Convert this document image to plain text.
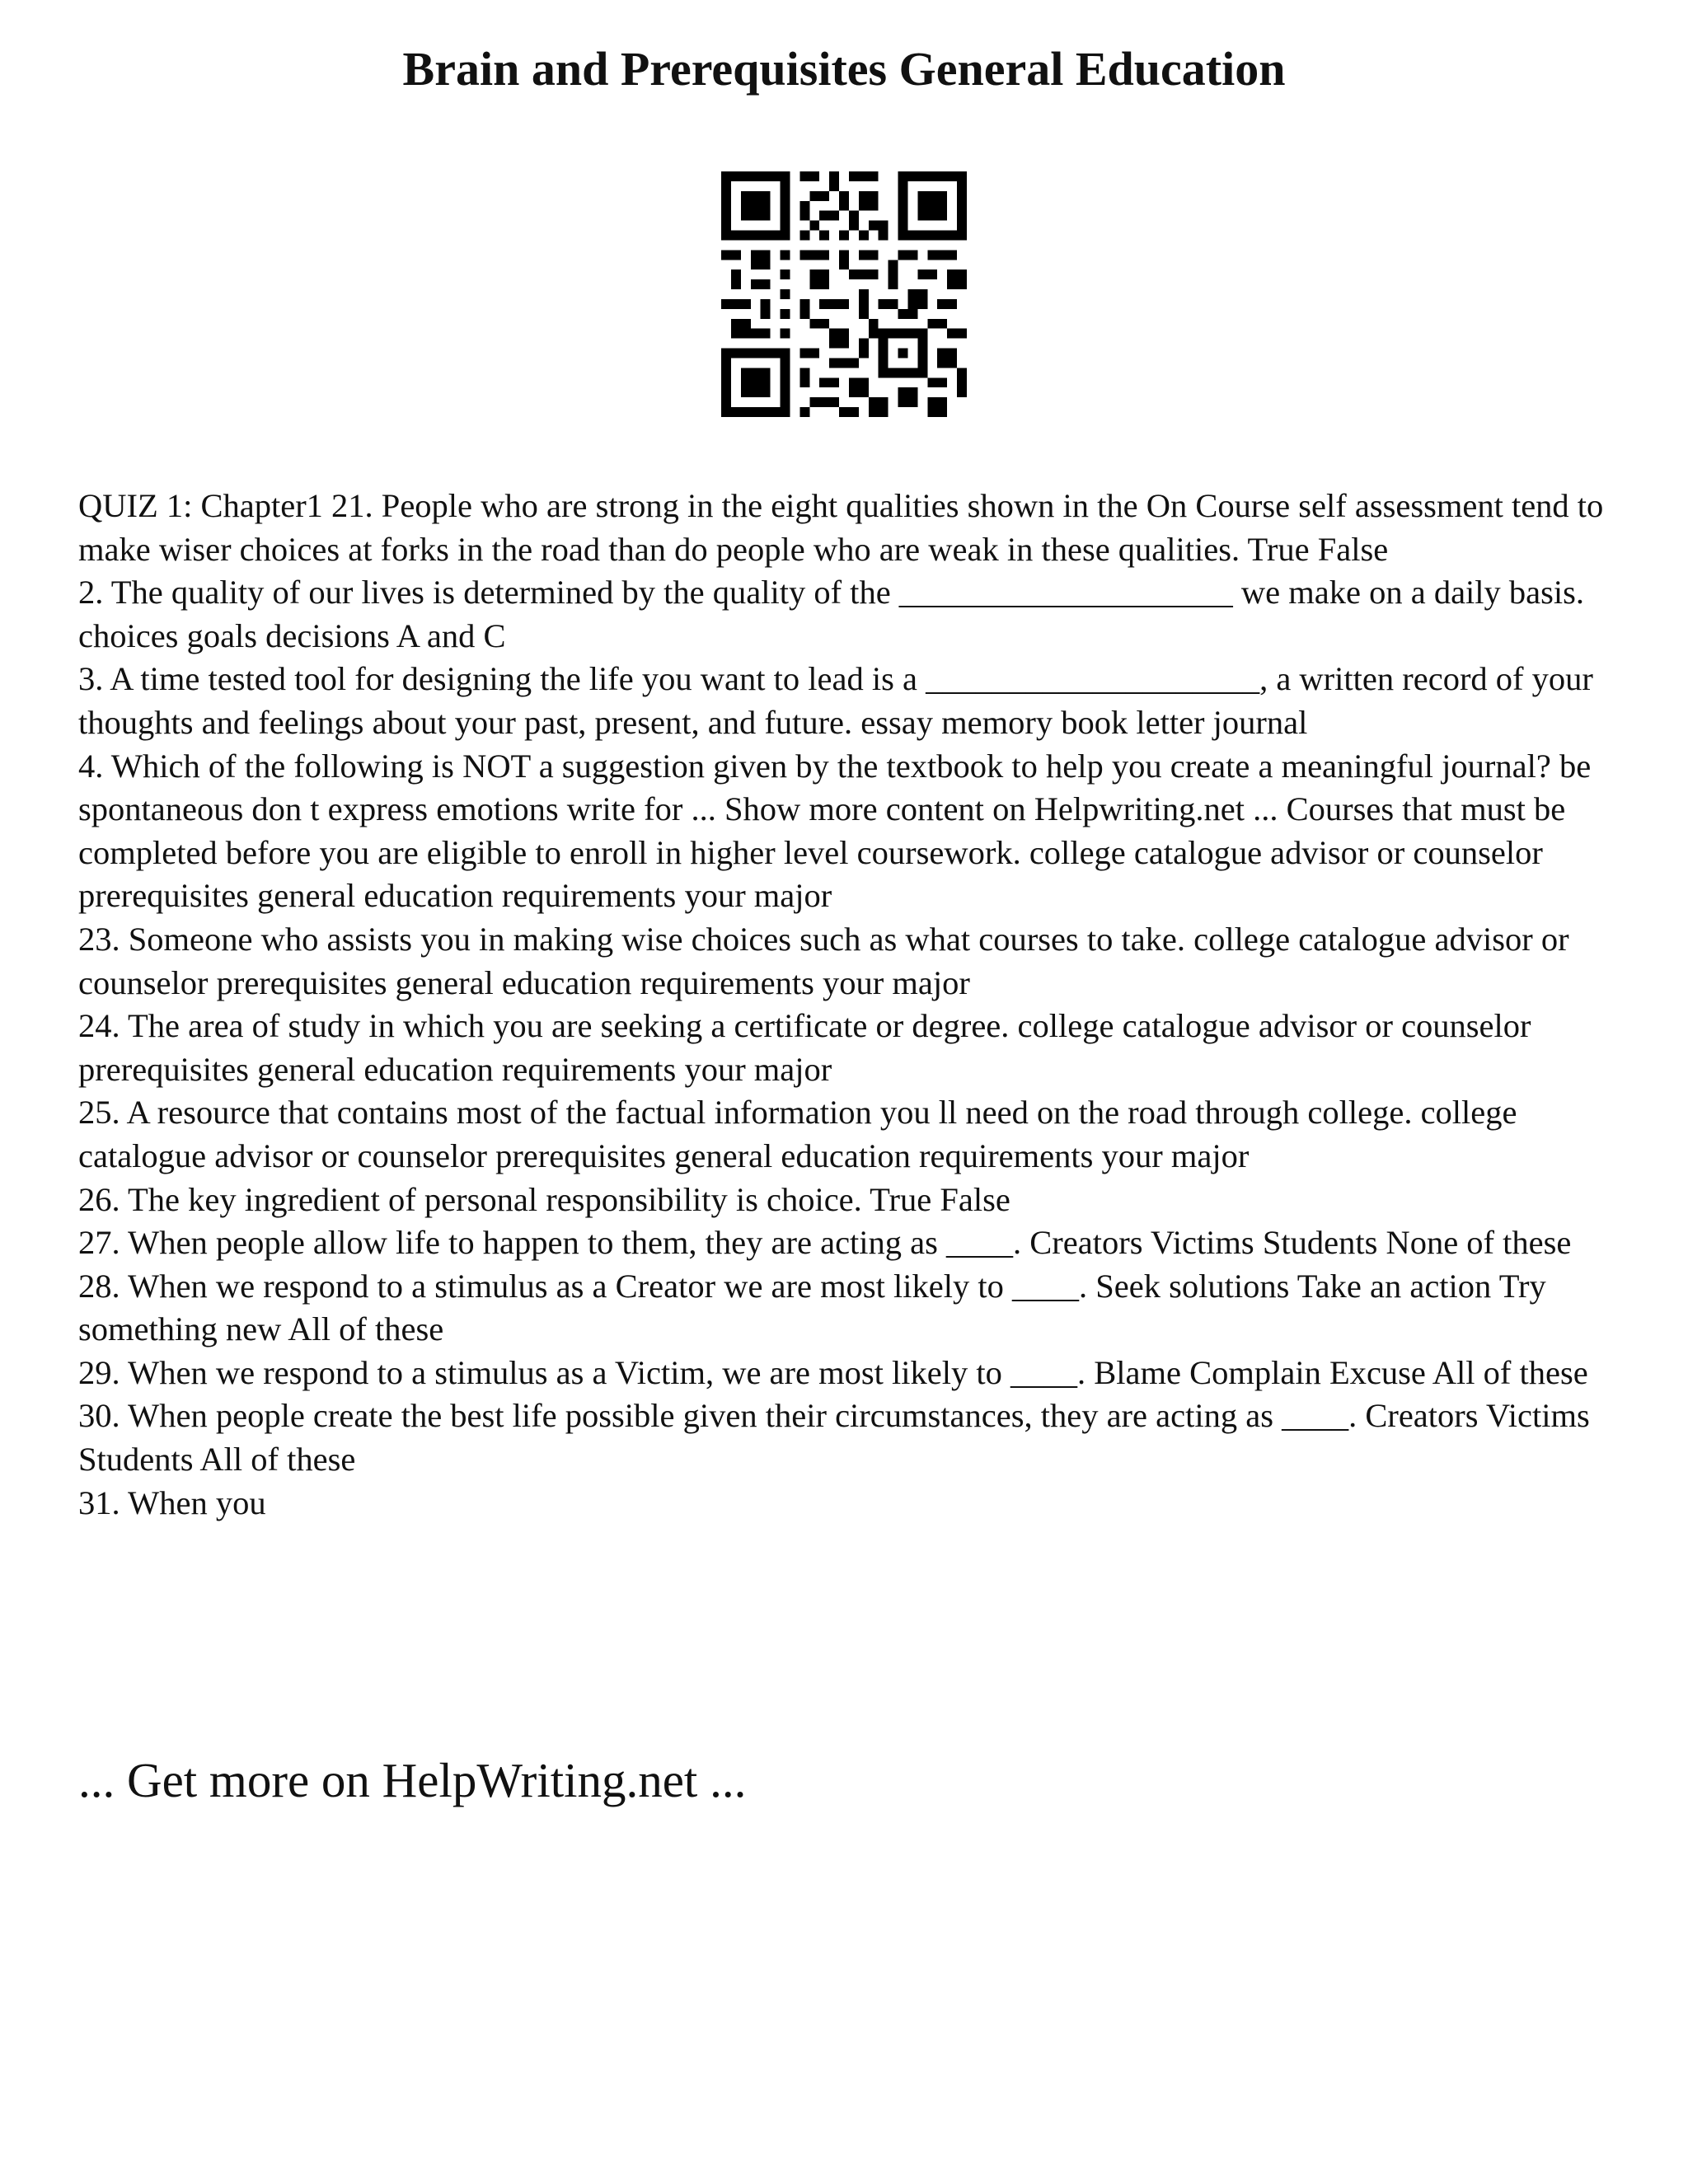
Brain and Prerequisites General Education

QUIZ 1: Chapter1 21. People who are strong in the eight qualities shown in the On Course self assessment tend to make wiser choices at forks in the road than do people who are weak in these qualities. True False

2. The quality of our lives is determined by the quality of the ____________________ we make on a daily basis. choices goals decisions A and C

3. A time tested tool for designing the life you want to lead is a ____________________, a written record of your thoughts and feelings about your past, present, and future. essay memory book letter journal

4. Which of the following is NOT a suggestion given by the textbook to help you create a meaningful journal? be spontaneous don t express emotions write for ... Show more content on Helpwriting.net ... Courses that must be completed before you are eligible to enroll in higher level coursework. college catalogue advisor or counselor prerequisites general education requirements your major

23. Someone who assists you in making wise choices such as what courses to take. college catalogue advisor or counselor prerequisites general education requirements your major

24. The area of study in which you are seeking a certificate or degree. college catalogue advisor or counselor prerequisites general education requirements your major

25. A resource that contains most of the factual information you ll need on the road through college. college catalogue advisor or counselor prerequisites general education requirements your major

26. The key ingredient of personal responsibility is choice. True False

27. When people allow life to happen to them, they are acting as ____. Creators Victims Students None of these

28. When we respond to a stimulus as a Creator we are most likely to ____. Seek solutions Take an action Try something new All of these

29. When we respond to a stimulus as a Victim, we are most likely to ____. Blame Complain Excuse All of these

30. When people create the best life possible given their circumstances, they are acting as ____. Creators Victims Students All of these

31. When you

... Get more on HelpWriting.net ...
